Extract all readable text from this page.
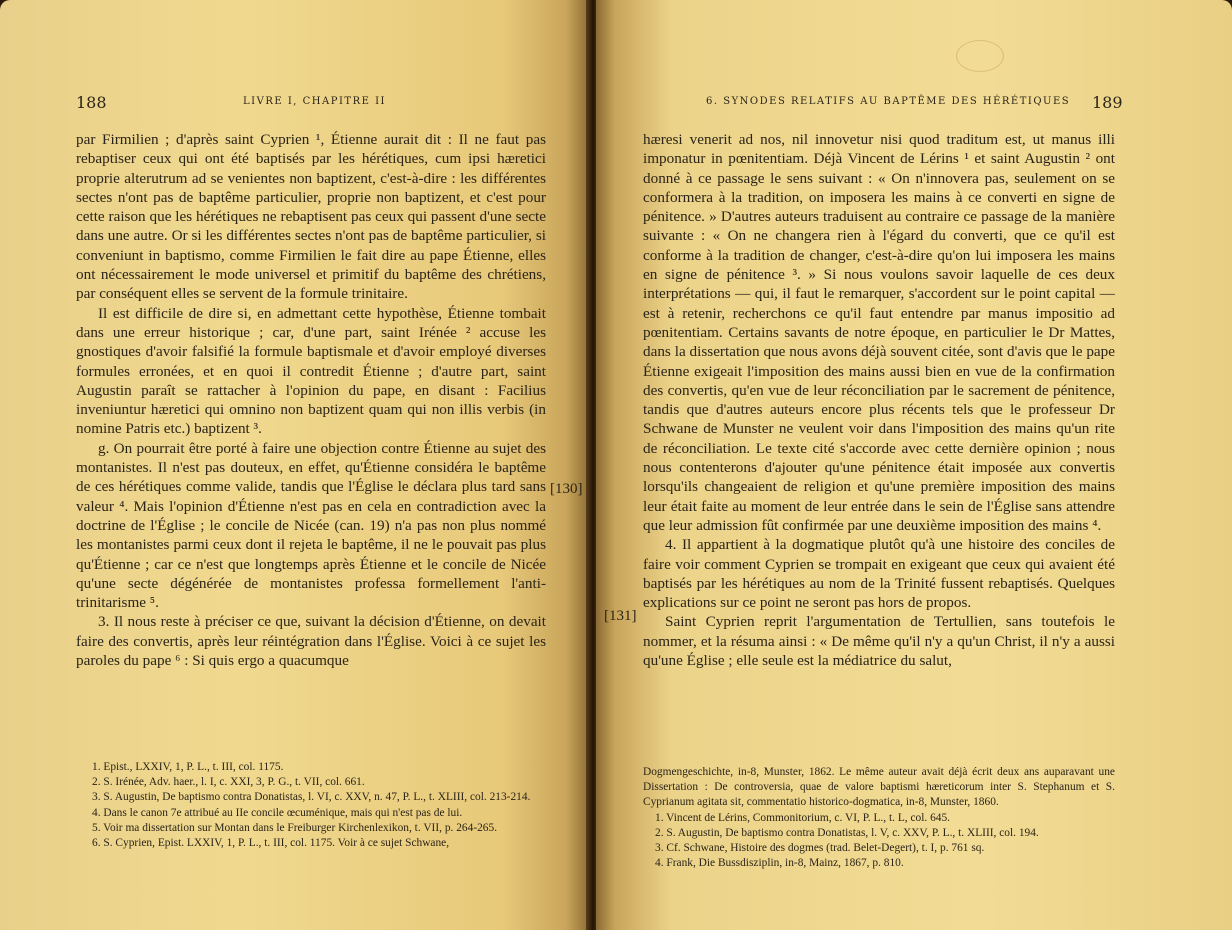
188	LIVRE I, CHAPITRE II

par Firmilien ; d'après saint Cyprien ¹, Étienne aurait dit : Il ne faut pas rebaptiser ceux qui ont été baptisés par les hérétiques, cum ipsi hæretici proprie alterutrum ad se venientes non baptizent, c'est-à-dire : les différentes sectes n'ont pas de baptême particulier, proprie non baptizent, et c'est pour cette raison que les hérétiques ne rebaptisent pas ceux qui passent d'une secte dans une autre. Or si les différentes sectes n'ont pas de baptême particulier, si conveniunt in baptismo, comme Firmilien le fait dire au pape Étienne, elles ont nécessairement le mode universel et primitif du baptême des chrétiens, par conséquent elles se servent de la formule trinitaire.

Il est difficile de dire si, en admettant cette hypothèse, Étienne tombait dans une erreur historique ; car, d'une part, saint Irénée ² accuse les gnostiques d'avoir falsifié la formule baptismale et d'avoir employé diverses formules erronées, et en quoi il contredit Étienne ; d'autre part, saint Augustin paraît se rattacher à l'opinion du pape, en disant : Facilius inveniuntur hæretici qui omnino non baptizent quam qui non illis verbis (in nomine Patris etc.) baptizent ³.

g. On pourrait être porté à faire une objection contre Étienne au sujet des montanistes. Il n'est pas douteux, en effet, qu'Étienne considéra le baptême de ces hérétiques comme valide, tandis que l'Église le déclara plus tard sans valeur ⁴. Mais l'opinion d'Étienne n'est pas en cela en contradiction avec la doctrine de l'Église ; le concile de Nicée (can. 19) n'a pas non plus nommé les montanistes parmi ceux dont il rejeta le baptême, il ne le pouvait pas plus qu'Étienne ; car ce n'est que longtemps après Étienne et le concile de Nicée qu'une secte dégénérée de montanistes professa formellement l'anti-trinitarisme ⁵.

3. Il nous reste à préciser ce que, suivant la décision d'Étienne, on devait faire des convertis, après leur réintégration dans l'Église. Voici à ce sujet les paroles du pape ⁶ : Si quis ergo a quacumque

[130]
1. Epist., LXXIV, 1, P. L., t. III, col. 1175.
2. S. Irénée, Adv. haer., l. I, c. XXI, 3, P. G., t. VII, col. 661.
3. S. Augustin, De baptismo contra Donatistas, l. VI, c. XXV, n. 47, P. L., t. XLIII, col. 213-214.
4. Dans le canon 7e attribué au IIe concile œcuménique, mais qui n'est pas de lui.
5. Voir ma dissertation sur Montan dans le Freiburger Kirchenlexikon, t. VII, p. 264-265.
6. S. Cyprien, Epist. LXXIV, 1, P. L., t. III, col. 1175. Voir à ce sujet Schwane,
6. SYNODES RELATIFS AU BAPTÊME DES HÉRÉTIQUES 189

hæresi venerit ad nos, nil innovetur nisi quod traditum est, ut manus illi imponatur in pœnitentiam. Déjà Vincent de Lérins ¹ et saint Augustin ² ont donné à ce passage le sens suivant : « On n'innovera pas, seulement on se conformera à la tradition, on imposera les mains à ce converti en signe de pénitence. » D'autres auteurs traduisent au contraire ce passage de la manière suivante : « On ne changera rien à l'égard du converti, que ce qu'il est conforme à la tradition de changer, c'est-à-dire qu'on lui imposera les mains en signe de pénitence ³. » Si nous voulons savoir laquelle de ces deux interprétations — qui, il faut le remarquer, s'accordent sur le point capital — est à retenir, recherchons ce qu'il faut entendre par manus impositio ad pœnitentiam. Certains savants de notre époque, en particulier le Dr Mattes, dans la dissertation que nous avons déjà souvent citée, sont d'avis que le pape Étienne exigeait l'imposition des mains aussi bien en vue de la confirmation des convertis, qu'en vue de leur réconciliation par le sacrement de pénitence, tandis que d'autres auteurs encore plus récents tels que le professeur Dr Schwane de Munster ne veulent voir dans l'imposition des mains qu'un rite de réconciliation. Le texte cité s'accorde avec cette dernière opinion ; nous nous contenterons d'ajouter qu'une pénitence était imposée aux convertis lorsqu'ils changeaient de religion et qu'une première imposition des mains leur était faite au moment de leur entrée dans le sein de l'Église sans attendre que leur admission fût confirmée par une deuxième imposition des mains ⁴.

4. Il appartient à la dogmatique plutôt qu'à une histoire des conciles de faire voir comment Cyprien se trompait en exigeant que ceux qui avaient été baptisés par les hérétiques au nom de la Trinité fussent rebaptisés. Quelques explications sur ce point ne seront pas hors de propos.

Saint Cyprien reprit l'argumentation de Tertullien, sans toutefois le nommer, et la résuma ainsi : « De même qu'il n'y a qu'un Christ, il n'y a aussi qu'une Église ; elle seule est la médiatrice du salut,

[131]
Dogmengeschichte, in-8, Munster, 1862. Le même auteur avait déjà écrit deux ans auparavant une Dissertation : De controversia, quae de valore baptismi hæreticorum inter S. Stephanum et S. Cyprianum agitata sit, commentatio historico-dogmatica, in-8, Munster, 1860.
1. Vincent de Lérins, Commonitorium, c. VI, P. L., t. L, col. 645.
2. S. Augustin, De baptismo contra Donatistas, l. V, c. XXV, P. L., t. XLIII, col. 194.
3. Cf. Schwane, Histoire des dogmes (trad. Belet-Degert), t. I, p. 761 sq.
4. Frank, Die Bussdisziplin, in-8, Mainz, 1867, p. 810.
